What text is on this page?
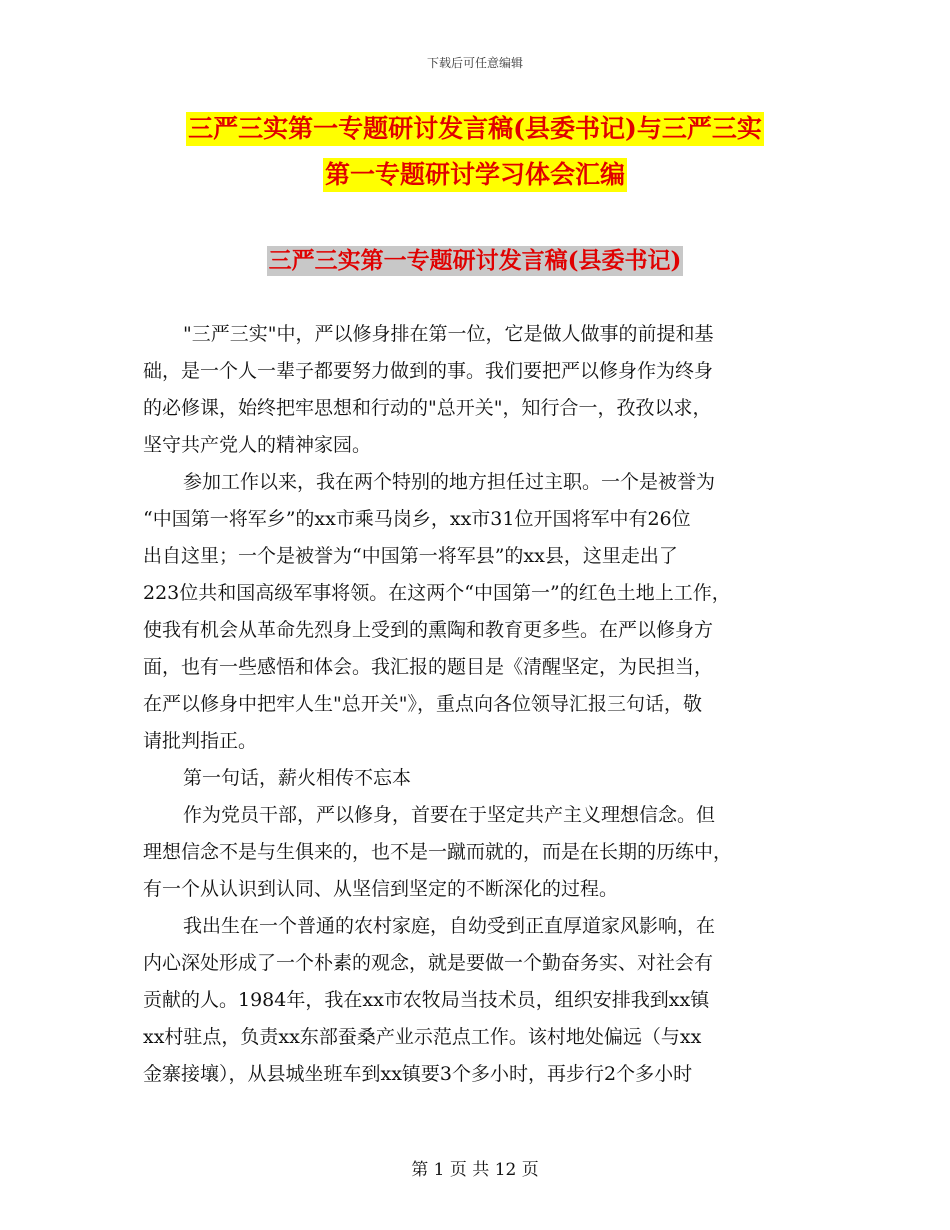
下载后可任意编辑
三严三实第一专题研讨发言稿(县委书记)与三严三实
第一专题研讨学习体会汇编
三严三实第一专题研讨发言稿(县委书记)
"三严三实"中，严以修身排在第一位，它是做人做事的前提和基
础，是一个人一辈子都要努力做到的事。我们要把严以修身作为终身
的必修课，始终把牢思想和行动的"总开关"，知行合一，孜孜以求，
坚守共产党人的精神家园。
参加工作以来，我在两个特别的地方担任过主职。一个是被誉为
“中国第一将军乡”的xx市乘马岗乡，xx市31位开国将军中有26位
出自这里；一个是被誉为“中国第一将军县”的xx县，这里走出了
223位共和国高级军事将领。在这两个“中国第一”的红色土地上工作，
使我有机会从革命先烈身上受到的熏陶和教育更多些。在严以修身方
面，也有一些感悟和体会。我汇报的题目是《清醒坚定，为民担当，
在严以修身中把牢人生"总开关"》，重点向各位领导汇报三句话，敬
请批判指正。
第一句话，薪火相传不忘本
作为党员干部，严以修身，首要在于坚定共产主义理想信念。但
理想信念不是与生俱来的，也不是一蹴而就的，而是在长期的历练中，
有一个从认识到认同、从坚信到坚定的不断深化的过程。
我出生在一个普通的农村家庭，自幼受到正直厚道家风影响，在
内心深处形成了一个朴素的观念，就是要做一个勤奋务实、对社会有
贡献的人。1984年，我在xx市农牧局当技术员，组织安排我到xx镇
xx村驻点，负责xx东部蚕桑产业示范点工作。该村地处偏远（与xx
金寨接壤），从县城坐班车到xx镇要3个多小时，再步行2个多小时
第 1 页 共 12 页
